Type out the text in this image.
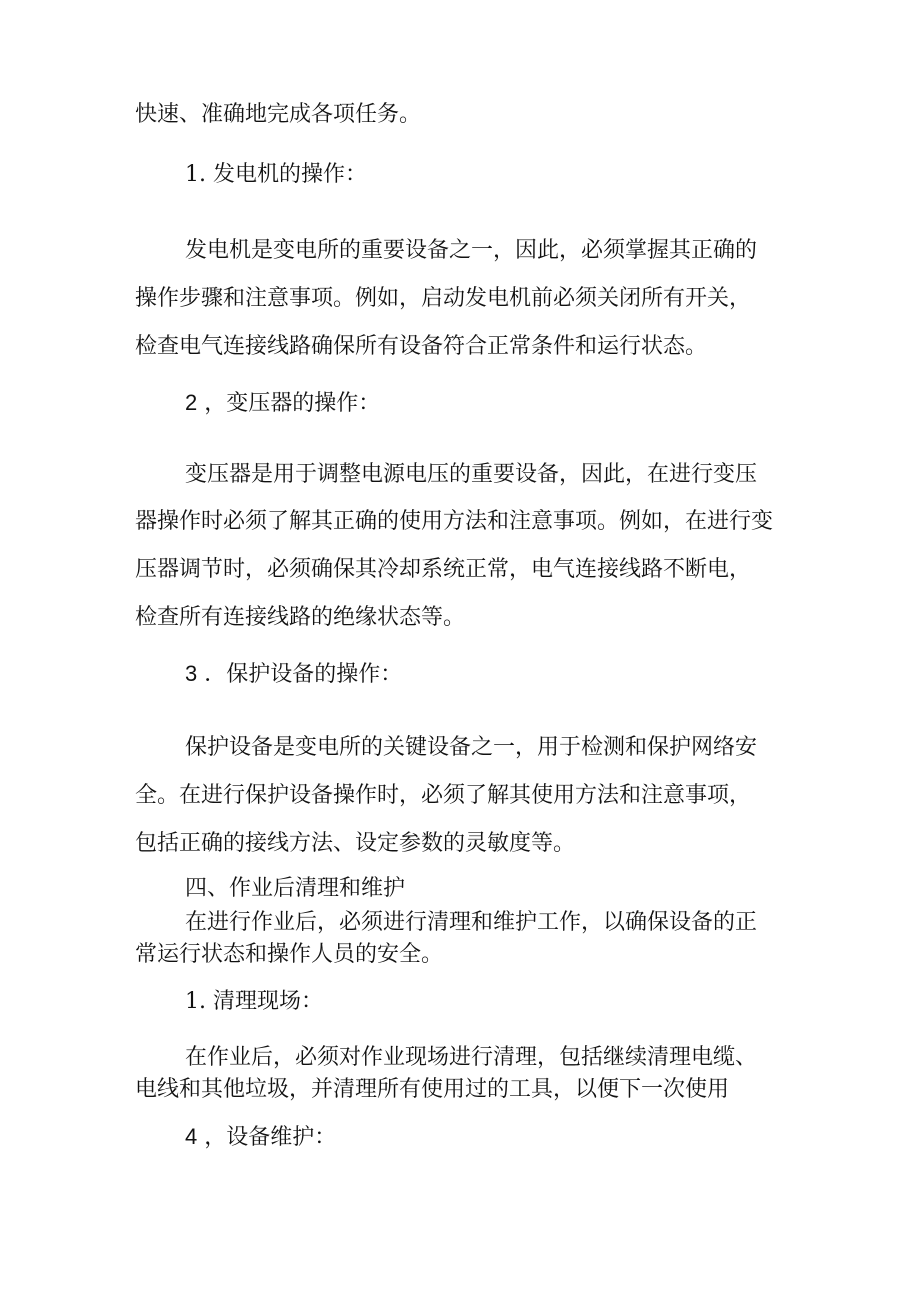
快速、准确地完成各项任务。

1. 发电机的操作：

发电机是变电所的重要设备之一，因此，必须掌握其正确的

操作步骤和注意事项。例如，启动发电机前必须关闭所有开关，

检查电气连接线路确保所有设备符合正常条件和运行状态。

2 ，变压器的操作：

变压器是用于调整电源电压的重要设备，因此，在进行变压

器操作时必须了解其正确的使用方法和注意事项。例如，在进行变

压器调节时，必须确保其冷却系统正常，电气连接线路不断电，

检查所有连接线路的绝缘状态等。

3 ．保护设备的操作：

保护设备是变电所的关键设备之一，用于检测和保护网络安

全。在进行保护设备操作时，必须了解其使用方法和注意事项，

包括正确的接线方法、设定参数的灵敏度等。

四、作业后清理和维护

在进行作业后，必须进行清理和维护工作，以确保设备的正

常运行状态和操作人员的安全。

1. 清理现场：

在作业后，必须对作业现场进行清理，包括继续清理电缆、

电线和其他垃圾，并清理所有使用过的工具，以便下一次使用

4 ，设备维护：
